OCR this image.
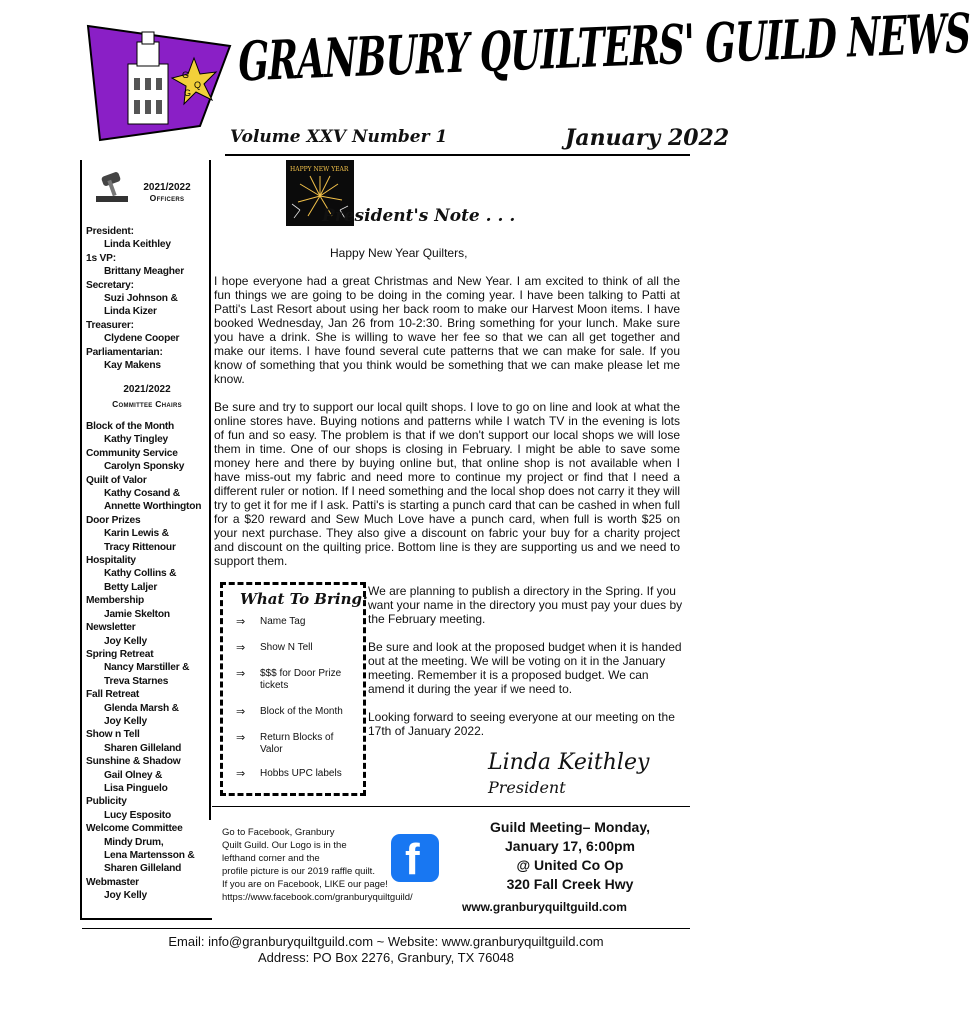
G
Q
G GRANBURY QUILTERS' GUILD NEWS
Volume XXV Number 1	January 2022
2021/2022
Officers
President:
Linda Keithley
1s VP:
Brittany Meagher
Secretary:
Suzi Johnson &
Linda Kizer
Treasurer:
Clydene Cooper
Parliamentarian:
Kay Makens
2021/2022
Committee Chairs
Block of the Month
Kathy Tingley
Community Service
Carolyn Sponsky
Quilt of Valor
Kathy Cosand &
Annette Worthington
Door Prizes
Karin Lewis &
Tracy Rittenour
Hospitality
Kathy Collins &
Betty Laljer
Membership
Jamie Skelton
Newsletter
Joy Kelly
Spring Retreat
Nancy Marstiller &
Treva Starnes
Fall Retreat
Glenda Marsh &
Joy Kelly
Show n Tell
Sharen Gilleland
Sunshine & Shadow
Gail Olney &
Lisa Pinguelo
Publicity
Lucy Esposito
Welcome Committee
Mindy Drum,
Lena Martensson &
Sharen Gilleland
Webmaster
Joy Kelly
HAPPY NEW YEAR
President's Note . . .
Happy New Year Quilters,
I hope everyone had a great Christmas and New Year. I am excited to think of all the fun things we are going to be doing in the coming year. I have been talking to Patti at Patti's Last Resort about using her back room to make our Harvest Moon items. I have booked Wednesday, Jan 26 from 10-2:30. Bring something for your lunch. Make sure you have a drink. She is willing to wave her fee so that we can all get together and make our items. I have found several cute patterns that we can make for sale. If you know of something that you think would be something that we can make please let me know.
Be sure and try to support our local quilt shops. I love to go on line and look at what the online stores have. Buying notions and patterns while I watch TV in the evening is lots of fun and so easy. The problem is that if we don't support our local shops we will lose them in time. One of our shops is closing in February. I might be able to save some money here and there by buying online but, that online shop is not available when I have miss-out my fabric and need more to continue my project or find that I need a different ruler or notion. If I need something and the local shop does not carry it they will try to get it for me if I ask. Patti's is starting a punch card that can be cashed in when full for a $20 reward and Sew Much Love have a punch card, when full is worth $25 on your next purchase. They also give a discount on fabric your buy for a charity project and discount on the quilting price. Bottom line is they are supporting us and we need to support them.
What To Bring:
⇒ Name Tag
⇒ Show N Tell
⇒ $$$ for Door Prize tickets
⇒ Block of the Month
⇒ Return Blocks of Valor
⇒ Hobbs UPC labels
We are planning to publish a directory in the Spring. If you want your name in the directory you must pay your dues by the February meeting.
Be sure and look at the proposed budget when it is handed out at the meeting. We will be voting on it in the January meeting. Remember it is a proposed budget. We can amend it during the year if we need to.
Looking forward to seeing everyone at our meeting on the 17th of January 2022.
Linda Keithley
President
Go to Facebook, Granbury
Quilt Guild. Our Logo is in the
lefthand corner and the
profile picture is our 2019 raffle quilt.
If you are on Facebook, LIKE our page!
https://www.facebook.com/granburyquiltguild/
f
Guild Meeting– Monday,
January 17, 6:00pm
@ United Co Op
320 Fall Creek Hwy
www.granburyquiltguild.com
Email: info@granburyquiltguild.com ~ Website: www.granburyquiltguild.com
Address: PO Box 2276, Granbury, TX 76048
